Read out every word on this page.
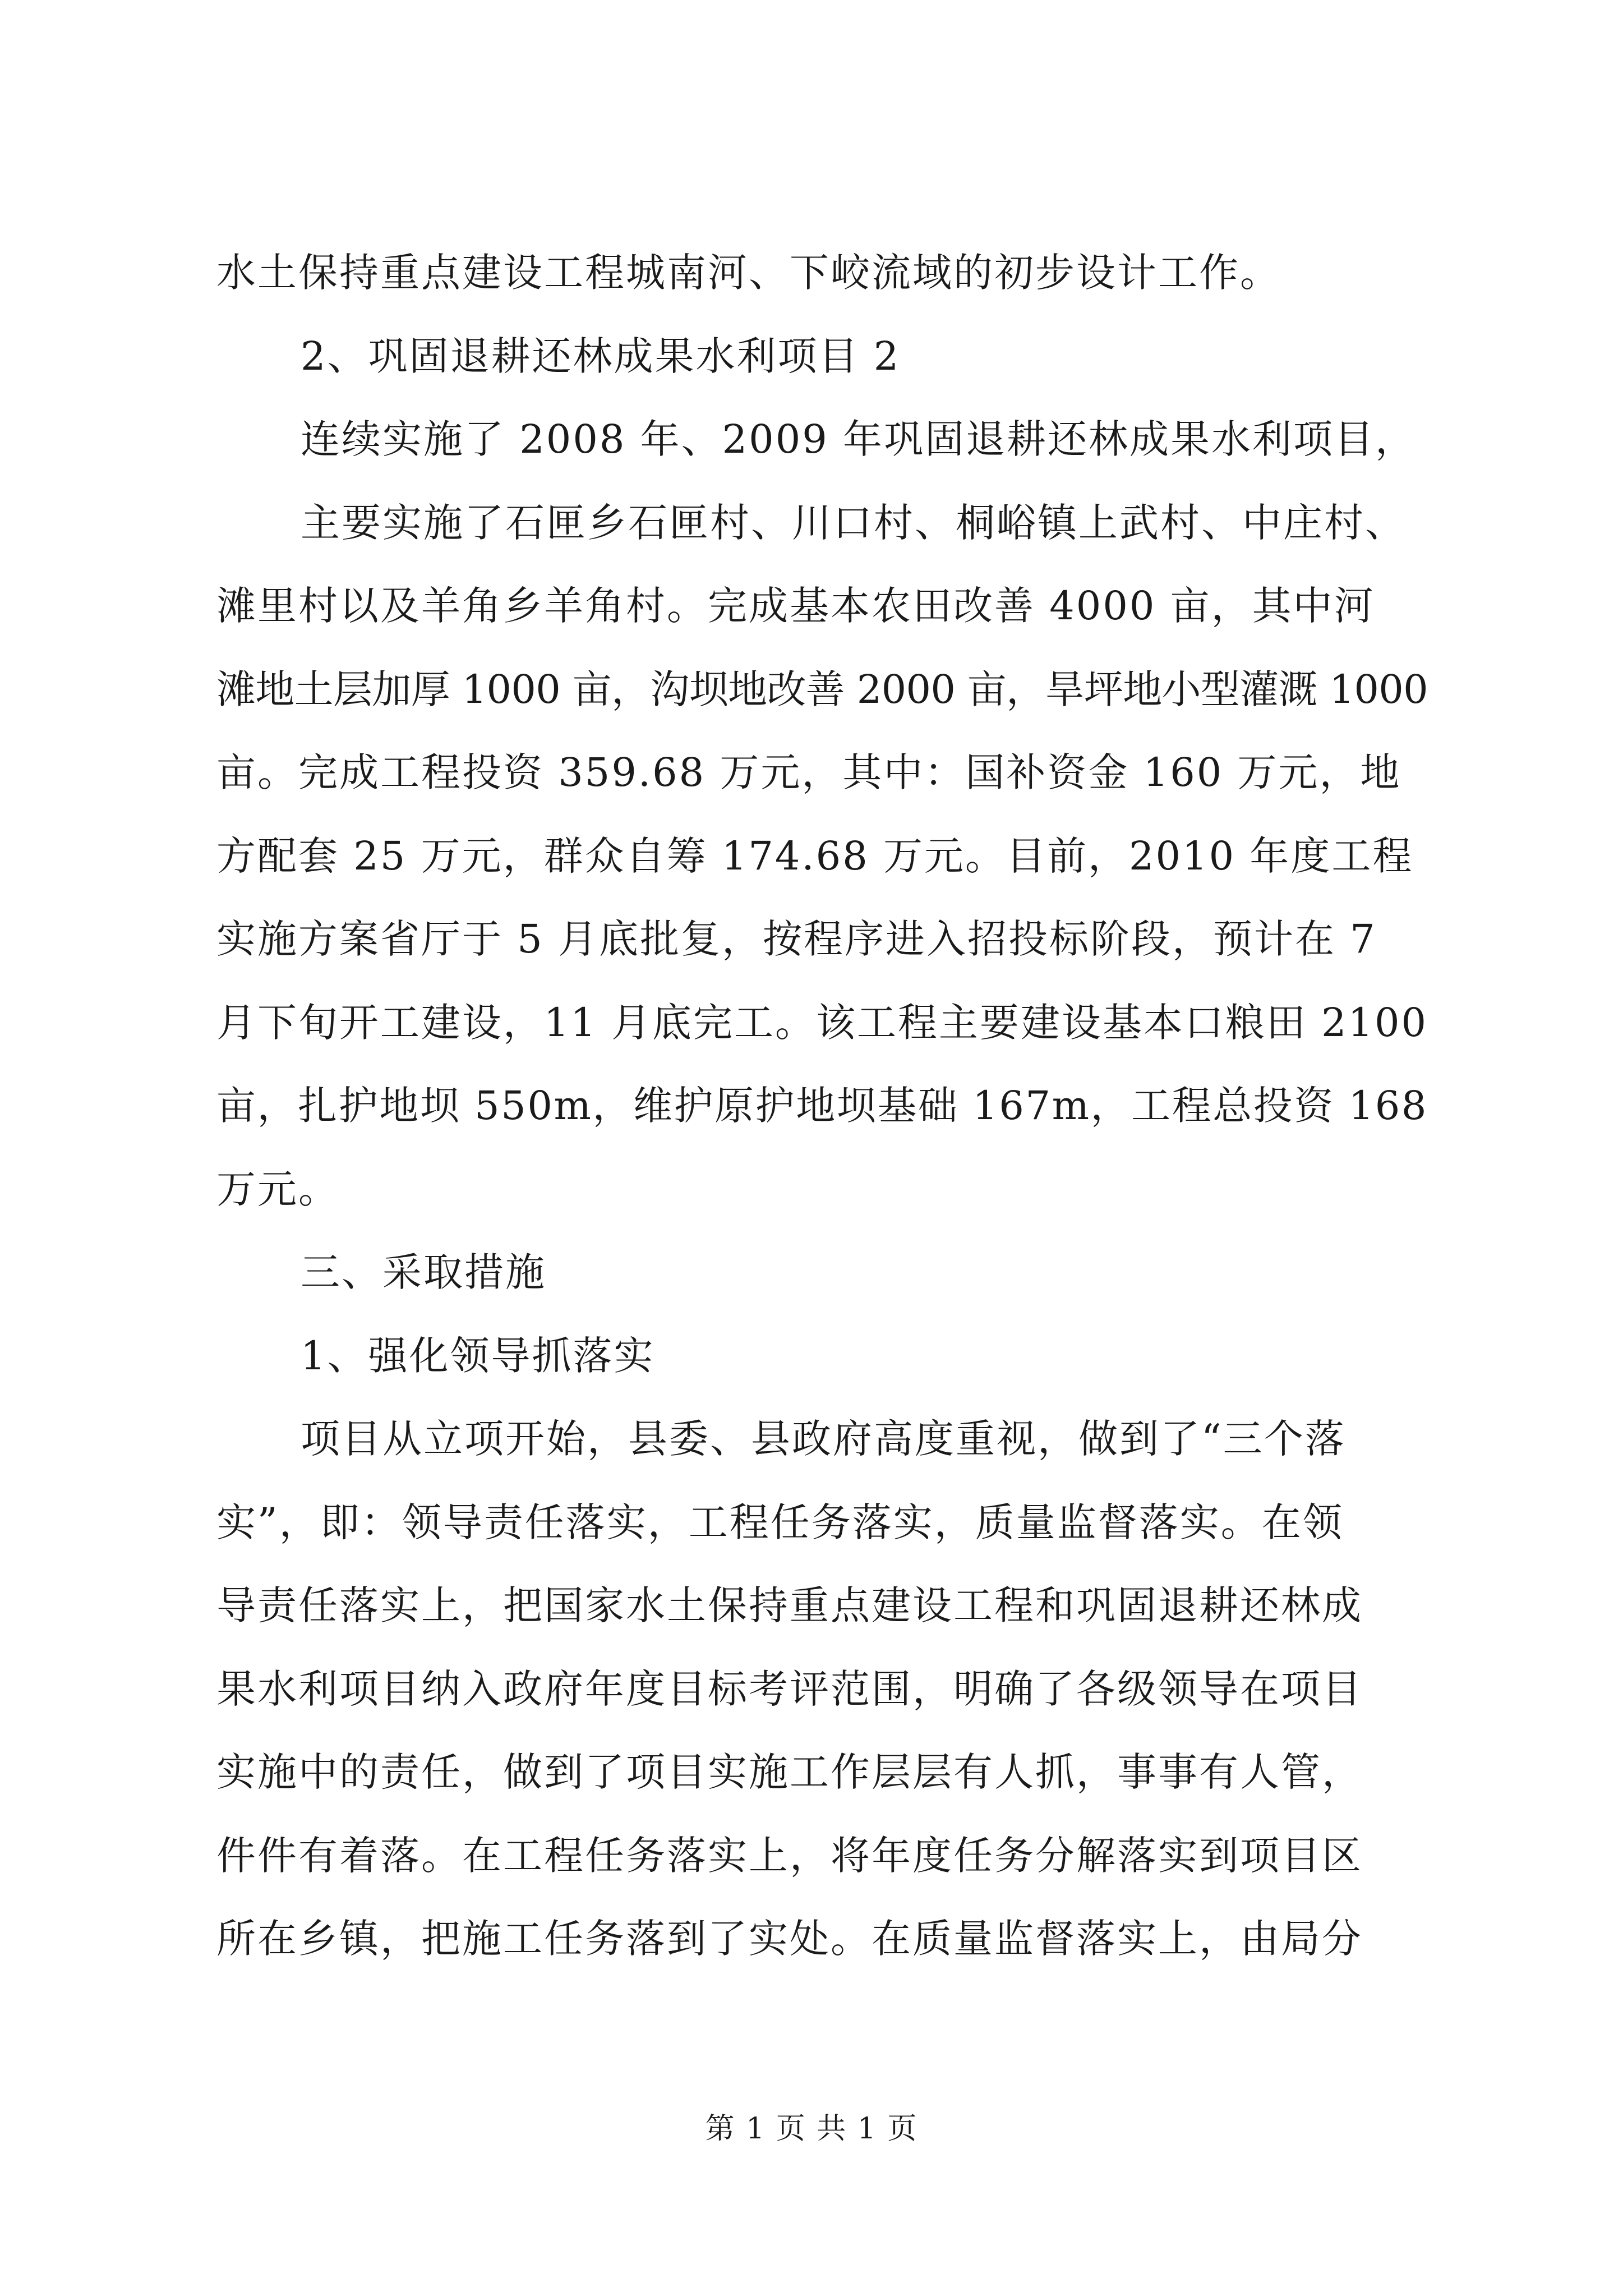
水土保持重点建设工程城南河、下峧流域的初步设计工作。
2、巩固退耕还林成果水利项目 2
连续实施了 2008 年、2009 年巩固退耕还林成果水利项目，
主要实施了石匣乡石匣村、川口村、桐峪镇上武村、中庄村、
滩里村以及羊角乡羊角村。完成基本农田改善 4000 亩，其中河
滩地土层加厚 1000 亩，沟坝地改善 2000 亩，旱坪地小型灌溉 1000
亩。完成工程投资 359.68 万元，其中：国补资金 160 万元，地
方配套 25 万元，群众自筹 174.68 万元。目前，2010 年度工程
实施方案省厅于 5 月底批复，按程序进入招投标阶段，预计在 7
月下旬开工建设，11 月底完工。该工程主要建设基本口粮田 2100
亩，扎护地坝 550m，维护原护地坝基础 167m，工程总投资 168
万元。
三、采取措施
1、强化领导抓落实
项目从立项开始，县委、县政府高度重视，做到了“三个落
实”，即：领导责任落实，工程任务落实，质量监督落实。在领
导责任落实上，把国家水土保持重点建设工程和巩固退耕还林成
果水利项目纳入政府年度目标考评范围，明确了各级领导在项目
实施中的责任，做到了项目实施工作层层有人抓，事事有人管，
件件有着落。在工程任务落实上，将年度任务分解落实到项目区
所在乡镇，把施工任务落到了实处。在质量监督落实上，由局分
第 1 页 共 1 页
